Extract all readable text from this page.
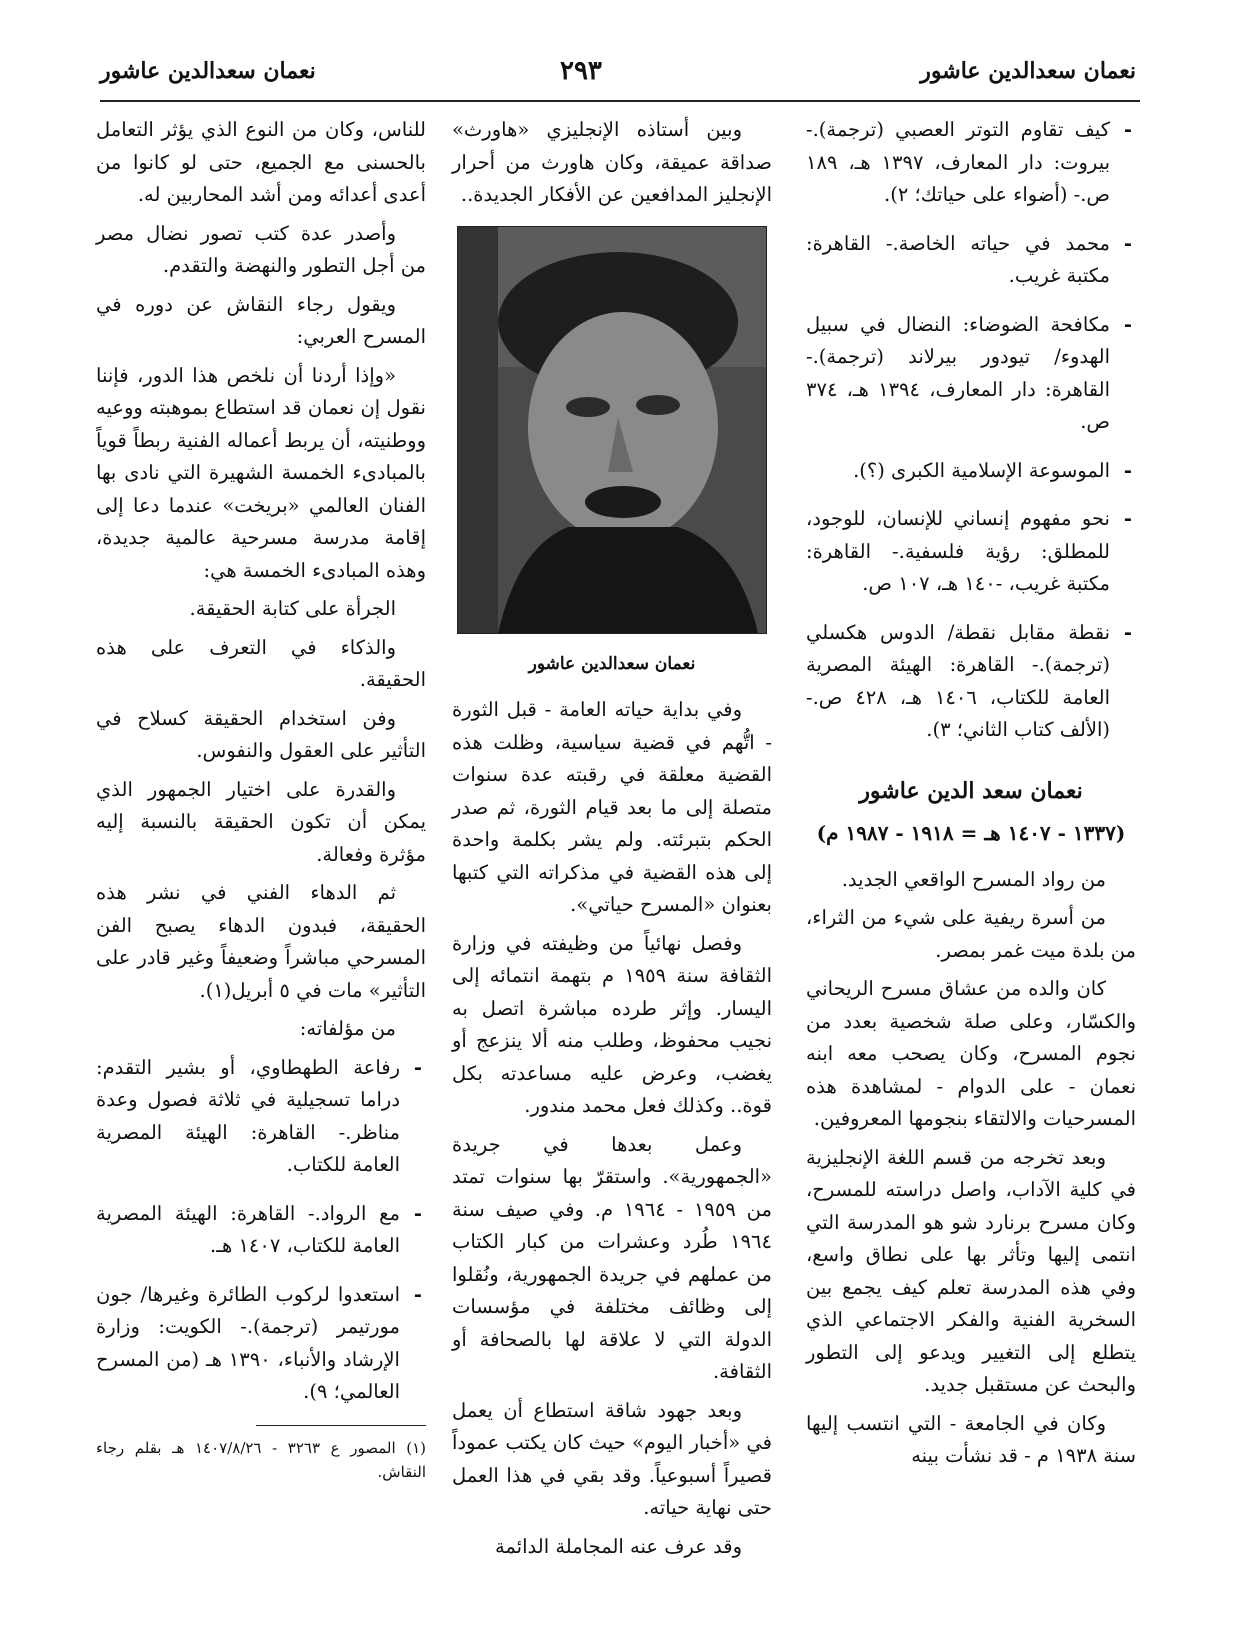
نعمان سعدالدين عاشور
٢٩٣
نعمان سعدالدين عاشور
- كيف تقاوم التوتر العصبي (ترجمة).- بيروت: دار المعارف، ١٣٩٧ هـ، ١٨٩ ص.- (أضواء على حياتك؛ ٢).
- محمد في حياته الخاصة.- القاهرة: مكتبة غريب.
- مكافحة الضوضاء: النضال في سبيل الهدوء/ تيودور بيرلاند (ترجمة).- القاهرة: دار المعارف، ١٣٩٤ هـ، ٣٧٤ ص.
- الموسوعة الإسلامية الكبرى (؟).
- نحو مفهوم إنساني للإنسان، للوجود، للمطلق: رؤية فلسفية.- القاهرة: مكتبة غريب، -١٤٠ هـ، ١٠٧ ص.
- نقطة مقابل نقطة/ الدوس هكسلي (ترجمة).- القاهرة: الهيئة المصرية العامة للكتاب، ١٤٠٦ هـ، ٤٢٨ ص.- (الألف كتاب الثاني؛ ٣).
نعمان سعد الدين عاشور
(١٣٣٧ - ١٤٠٧ هـ = ١٩١٨ - ١٩٨٧ م)

من رواد المسرح الواقعي الجديد.

من أسرة ريفية على شيء من الثراء، من بلدة ميت غمر بمصر.

كان والده من عشاق مسرح الريحاني والكسّار، وعلى صلة شخصية بعدد من نجوم المسرح، وكان يصحب معه ابنه نعمان - على الدوام - لمشاهدة هذه المسرحيات والالتقاء بنجومها المعروفين.

وبعد تخرجه من قسم اللغة الإنجليزية في كلية الآداب، واصل دراسته للمسرح، وكان مسرح برنارد شو هو المدرسة التي انتمى إليها وتأثر بها على نطاق واسع، وفي هذه المدرسة تعلم كيف يجمع بين السخرية الفنية والفكر الاجتماعي الذي يتطلع إلى التغيير ويدعو إلى التطور والبحث عن مستقبل جديد.

وكان في الجامعة - التي انتسب إليها سنة ١٩٣٨ م - قد نشأت بينه

وبين أستاذه الإنجليزي «هاورث» صداقة عميقة، وكان هاورث من أحرار الإنجليز المدافعين عن الأفكار الجديدة..

نعمان سعدالدين عاشور

وفي بداية حياته العامة - قبل الثورة - اتُّهم في قضية سياسية، وظلت هذه القضية معلقة في رقبته عدة سنوات متصلة إلى ما بعد قيام الثورة، ثم صدر الحكم بتبرئته. ولم يشر بكلمة واحدة إلى هذه القضية في مذكراته التي كتبها بعنوان «المسرح حياتي».

وفصل نهائياً من وظيفته في وزارة الثقافة سنة ١٩٥٩ م بتهمة انتمائه إلى اليسار. وإثر طرده مباشرة اتصل به نجيب محفوظ، وطلب منه ألا ينزعج أو يغضب، وعرض عليه مساعدته بكل قوة.. وكذلك فعل محمد مندور.

وعمل بعدها في جريدة «الجمهورية». واستقرّ بها سنوات تمتد من ١٩٥٩ - ١٩٦٤ م. وفي صيف سنة ١٩٦٤ طُرد وعشرات من كبار الكتاب من عملهم في جريدة الجمهورية، ونُقلوا إلى وظائف مختلفة في مؤسسات الدولة التي لا علاقة لها بالصحافة أو الثقافة.

وبعد جهود شاقة استطاع أن يعمل في «أخبار اليوم» حيث كان يكتب عموداً قصيراً أسبوعياً. وقد بقي في هذا العمل حتى نهاية حياته.

وقد عرف عنه المجاملة الدائمة

للناس، وكان من النوع الذي يؤثر التعامل بالحسنى مع الجميع، حتى لو كانوا من أعدى أعدائه ومن أشد المحاربين له.

وأصدر عدة كتب تصور نضال مصر من أجل التطور والنهضة والتقدم.

ويقول رجاء النقاش عن دوره في المسرح العربي:

«وإذا أردنا أن نلخص هذا الدور، فإننا نقول إن نعمان قد استطاع بموهبته ووعيه ووطنيته، أن يربط أعماله الفنية ربطاً قوياً بالمبادىء الخمسة الشهيرة التي نادى بها الفنان العالمي «بريخت» عندما دعا إلى إقامة مدرسة مسرحية عالمية جديدة، وهذه المبادىء الخمسة هي:

الجرأة على كتابة الحقيقة.

والذكاء في التعرف على هذه الحقيقة.

وفن استخدام الحقيقة كسلاح في التأثير على العقول والنفوس.

والقدرة على اختيار الجمهور الذي يمكن أن تكون الحقيقة بالنسبة إليه مؤثرة وفعالة.

ثم الدهاء الفني في نشر هذه الحقيقة، فبدون الدهاء يصبح الفن المسرحي مباشراً وضعيفاً وغير قادر على التأثير» مات في ٥ أبريل(١).

من مؤلفاته:

- رفاعة الطهطاوي، أو بشير التقدم: دراما تسجيلية في ثلاثة فصول وعدة مناظر.- القاهرة: الهيئة المصرية العامة للكتاب.
- مع الرواد.- القاهرة: الهيئة المصرية العامة للكتاب، ١٤٠٧ هـ.
- استعدوا لركوب الطائرة وغيرها/ جون مورتيمر (ترجمة).- الكويت: وزارة الإرشاد والأنباء، ١٣٩٠ هـ (من المسرح العالمي؛ ٩).
(١) المصور ع ٣٢٦٣ - ١٤٠٧/٨/٢٦ هـ بقلم رجاء النقاش.
